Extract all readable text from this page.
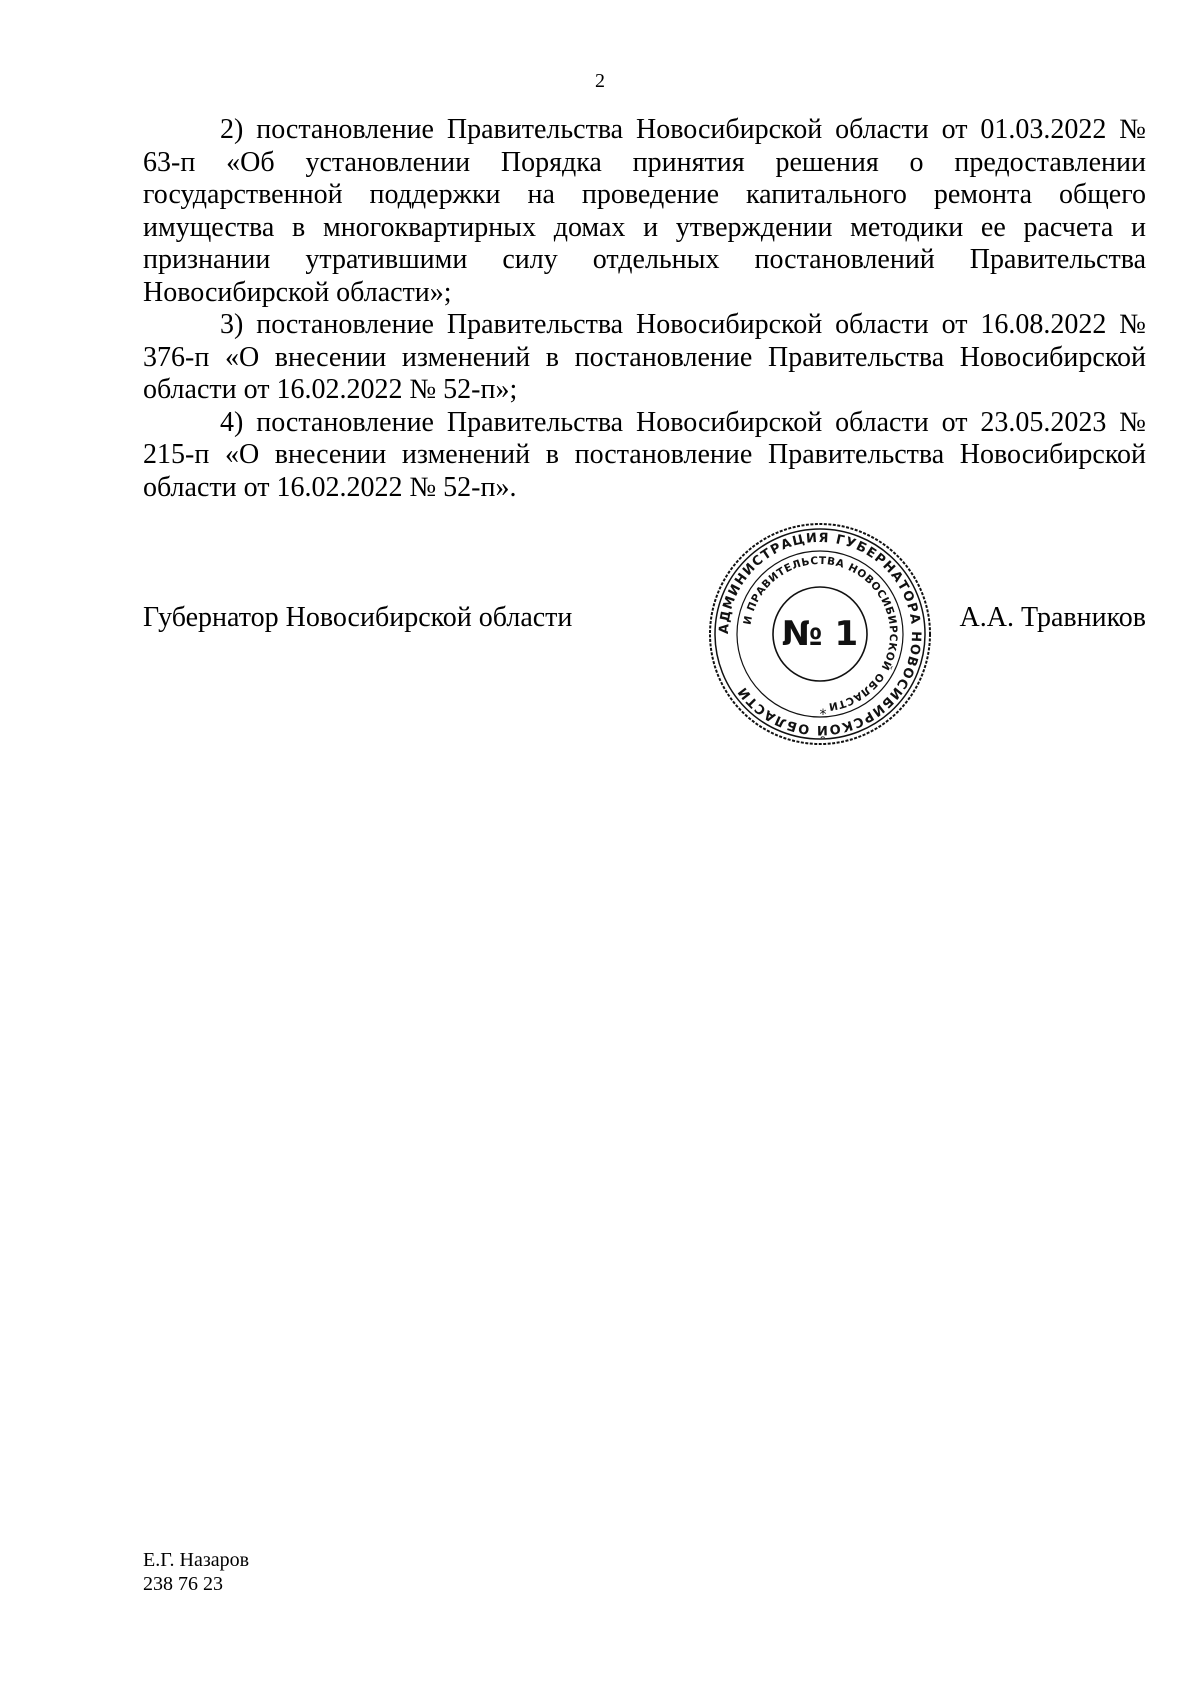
2

2) постановление Правительства Новосибирской области от 01.03.2022 № 63-п «Об установлении Порядка принятия решения о предоставлении государственной поддержки на проведение капитального ремонта общего имущества в многоквартирных домах и утверждении методики ее расчета и признании утратившими силу отдельных постановлений Правительства Новосибирской области»;

3) постановление Правительства Новосибирской области от 16.08.2022 № 376-п «О внесении изменений в постановление Правительства Новосибирской области от 16.02.2022 № 52-п»;

4) постановление Правительства Новосибирской области от 23.05.2023 № 215-п «О внесении изменений в постановление Правительства Новосибирской области от 16.02.2022 № 52-п».

Губернатор Новосибирской области	А.А. Травников
АДМИНИСТРАЦИЯ ГУБЕРНАТОРА НОВОСИБИРСКОЙ ОБЛАСТИ
И ПРАВИТЕЛЬСТВА НОВОСИБИРСКОЙ ОБЛАСТИ
№ 1
*
Е.Г. Назаров
238 76 23
